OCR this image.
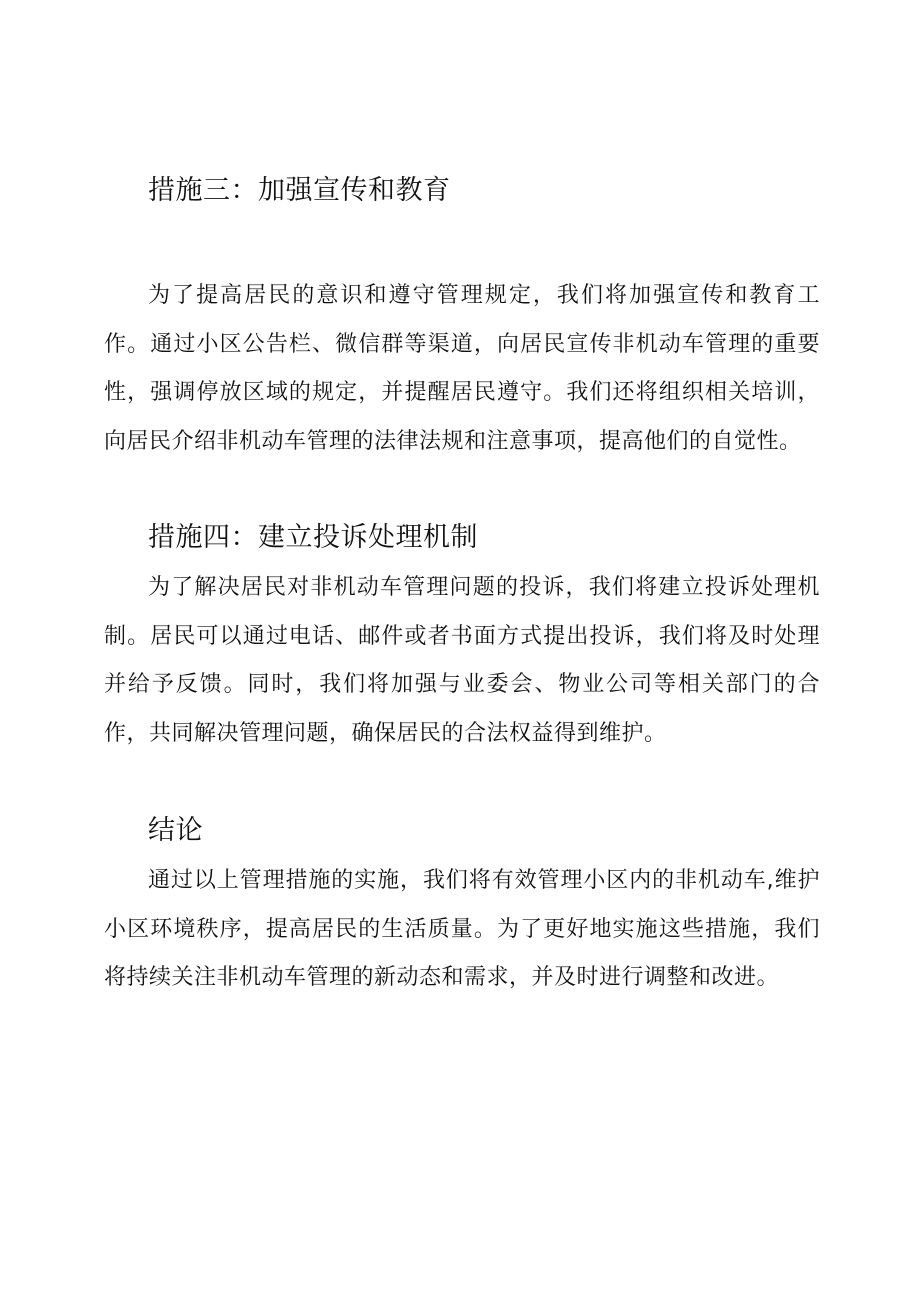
措施三：加强宣传和教育

为了提高居民的意识和遵守管理规定，我们将加强宣传和教育工作。通过小区公告栏、微信群等渠道，向居民宣传非机动车管理的重要性，强调停放区域的规定，并提醒居民遵守。我们还将组织相关培训，向居民介绍非机动车管理的法律法规和注意事项，提高他们的自觉性。

措施四：建立投诉处理机制

为了解决居民对非机动车管理问题的投诉，我们将建立投诉处理机制。居民可以通过电话、邮件或者书面方式提出投诉，我们将及时处理并给予反馈。同时，我们将加强与业委会、物业公司等相关部门的合作，共同解决管理问题，确保居民的合法权益得到维护。

结论

通过以上管理措施的实施，我们将有效管理小区内的非机动车,维护小区环境秩序，提高居民的生活质量。为了更好地实施这些措施，我们将持续关注非机动车管理的新动态和需求，并及时进行调整和改进。
